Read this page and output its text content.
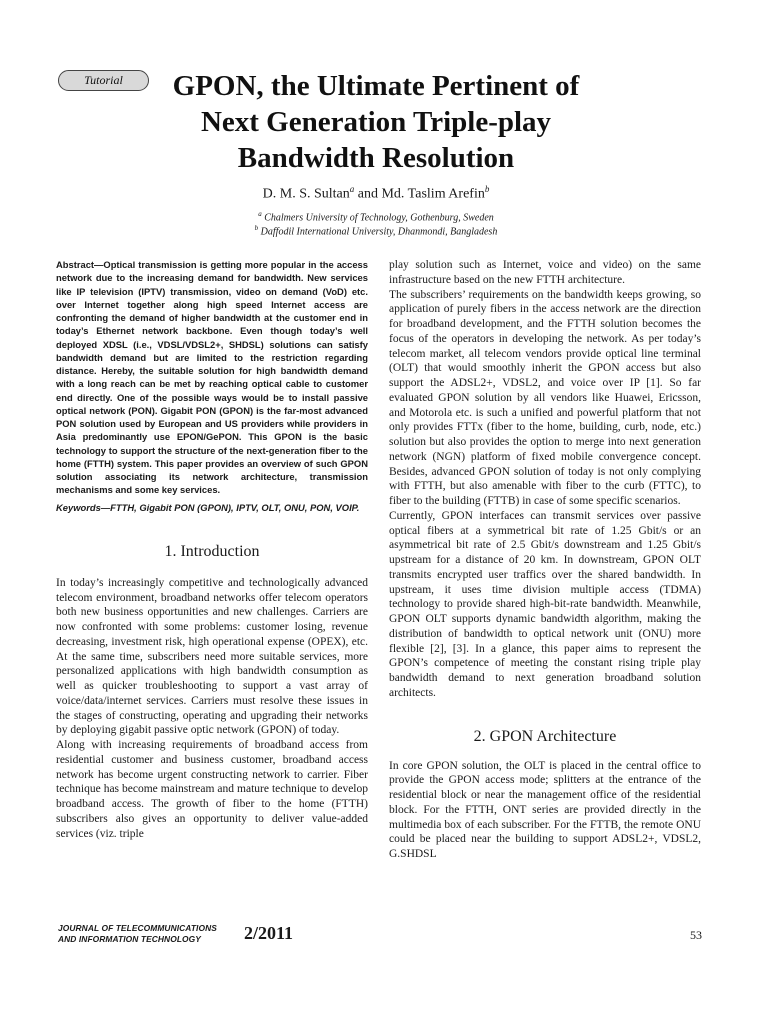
Tutorial	GPON, the Ultimate Pertinent of Next Generation Triple-play Bandwidth Resolution
D. M. S. Sultan$^a$ and Md. Taslim Arefin$^b$
$^a$ Chalmers University of Technology, Gothenburg, Sweden
$^b$ Daffodil International University, Dhanmondi, Bangladesh

Abstract—Optical transmission is getting more popular in the access network due to the increasing demand for bandwidth. New services like IP television (IPTV) transmission, video on demand (VoD) etc. over Internet together along high speed Internet access are confronting the demand of higher bandwidth at the customer end in today’s Ethernet network backbone. Even though today’s well deployed XDSL (i.e., VDSL/VDSL2+, SHDSL) solutions can satisfy bandwidth demand but are limited to the restriction regarding distance. Hereby, the suitable solution for high bandwidth demand with a long reach can be met by reaching optical cable to customer end directly. One of the possible ways would be to install passive optical network (PON). Gigabit PON (GPON) is the far-most advanced PON solution used by European and US providers while providers in Asia predominantly use EPON/GePON. This GPON is the basic technology to support the structure of the next-generation fiber to the home (FTTH) system. This paper provides an overview of such GPON solution associating its network architecture, transmission mechanisms and some key services.

Keywords—FTTH, Gigabit PON (GPON), IPTV, OLT, ONU, PON, VOIP.

1. Introduction

In today’s increasingly competitive and technologically advanced telecom environment, broadband networks offer telecom operators both new business opportunities and new challenges. Carriers are now confronted with some problems: customer losing, revenue decreasing, investment risk, high operational expense (OPEX), etc. At the same time, subscribers need more suitable services, more personalized applications with high bandwidth consumption as well as quicker troubleshooting to support a vast array of voice/data/internet services. Carriers must resolve these issues in the stages of constructing, operating and upgrading their networks by deploying gigabit passive optic network (GPON) of today.

Along with increasing requirements of broadband access from residential customer and business customer, broadband access network has become urgent constructing network to carrier. Fiber technique has become mainstream and mature technique to develop broadband access. The growth of fiber to the home (FTTH) subscribers also gives an opportunity to deliver value-added services (viz. triple

play solution such as Internet, voice and video) on the same infrastructure based on the new FTTH architecture.

The subscribers’ requirements on the bandwidth keeps growing, so application of purely fibers in the access network are the direction for broadband development, and the FTTH solution becomes the focus of the operators in developing the network. As per today’s telecom market, all telecom vendors provide optical line terminal (OLT) that would smoothly inherit the GPON access but also support the ADSL2+, VDSL2, and voice over IP [1]. So far evaluated GPON solution by all vendors like Huawei, Ericsson, and Motorola etc. is such a unified and powerful platform that not only provides FTTx (fiber to the home, building, curb, node, etc.) solution but also provides the option to merge into next generation network (NGN) platform of fixed mobile convergence concept. Besides, advanced GPON solution of today is not only complying with FTTH, but also amenable with fiber to the curb (FTTC), to fiber to the building (FTTB) in case of some specific scenarios.

Currently, GPON interfaces can transmit services over passive optical fibers at a symmetrical bit rate of 1.25 Gbit/s or an asymmetrical bit rate of 2.5 Gbit/s downstream and 1.25 Gbit/s upstream for a distance of 20 km. In downstream, GPON OLT transmits encrypted user traffics over the shared bandwidth. In upstream, it uses time division multiple access (TDMA) technology to provide shared high-bit-rate bandwidth. Meanwhile, GPON OLT supports dynamic bandwidth algorithm, making the distribution of bandwidth to optical network unit (ONU) more flexible [2], [3]. In a glance, this paper aims to represent the GPON’s competence of meeting the constant rising triple play bandwidth demand to next generation broadband solution architects.

2. GPON Architecture

In core GPON solution, the OLT is placed in the central office to provide the GPON access mode; splitters at the entrance of the residential block or near the management office of the residential block. For the FTTH, ONT series are provided directly in the multimedia box of each subscriber. For the FTTB, the remote ONU could be placed near the building to support ADSL2+, VDSL2, G.SHDSL

JOURNAL OF TELECOMMUNICATIONS
AND INFORMATION TECHNOLOGY	2/2011	53
